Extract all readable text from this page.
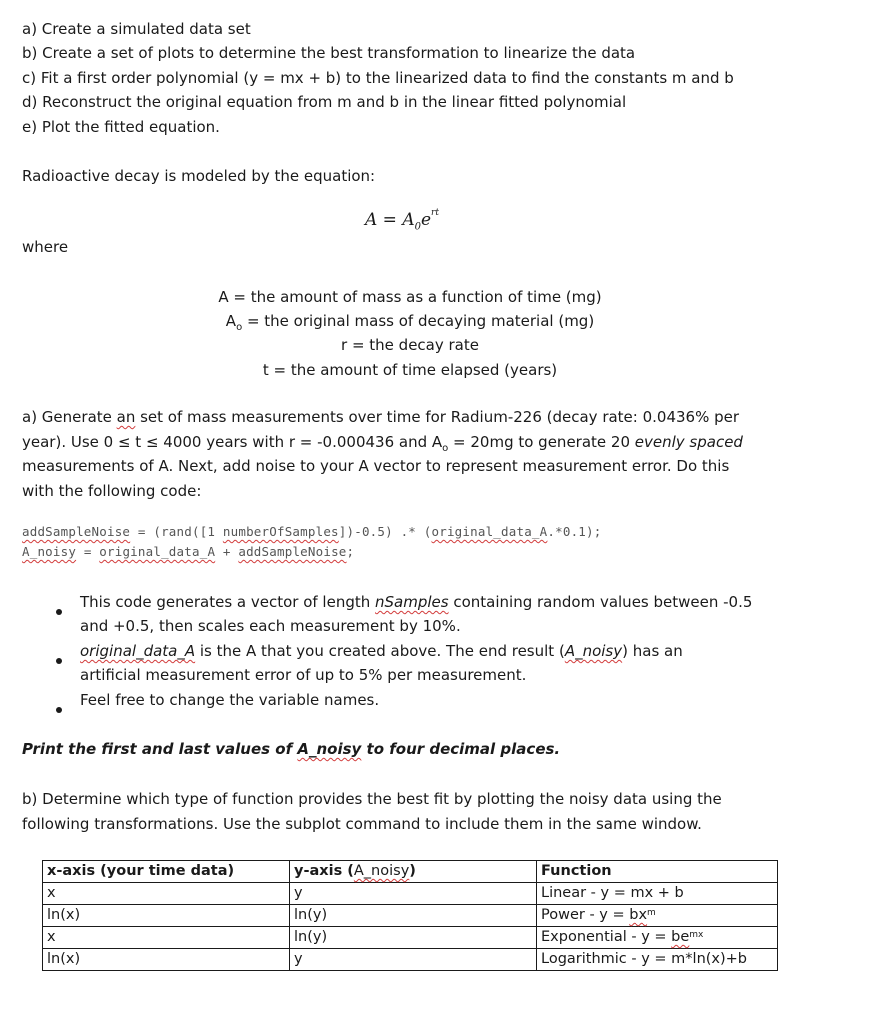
a) Create a simulated data set
b) Create a set of plots to determine the best transformation to linearize the data
c) Fit a first order polynomial (y = mx + b) to the linearized data to find the constants m and b
d) Reconstruct the original equation from m and b in the linear fitted polynomial
e) Plot the fitted equation.
Radioactive decay is modeled by the equation:
$A = A_0e^{rt}$
where
A = the amount of mass as a function of time (mg)
$A_o$ = the original mass of decaying material (mg)
r = the decay rate
t = the amount of time elapsed (years)
a) Generate an set of mass measurements over time for Radium-226 (decay rate: 0.0436% per
year). Use 0 ≤ t ≤ 4000 years with r = -0.000436 and $A_o = 20mg$ to generate 20 evenly spaced
measurements of A. Next, add noise to your A vector to represent measurement error. Do this
with the following code:
addSampleNoise = (rand([1 numberOfSamples])-0.5) .* (original_data_A.*0.1);
A_noisy = original_data_A + addSampleNoise;
This code generates a vector of length nSamples containing random values between -0.5
and +0.5, then scales each measurement by 10%.
original_data_A is the A that you created above. The end result (A_noisy) has an
artificial measurement error of up to 5% per measurement.
Feel free to change the variable names.
Print the first and last values of A_noisy to four decimal places.
b) Determine which type of function provides the best fit by plotting the noisy data using the
following transformations. Use the subplot command to include them in the same window.
x-axis (your time data)	y-axis (A_noisy)	Function
x	y	Linear - y = mx + b
ln(x)	ln(y)	Power - $y = bx^m$
x	ln(y)	Exponential - $y = be^{mx}$
ln(x)	y	Logarithmic - y = m*ln(x)+b
